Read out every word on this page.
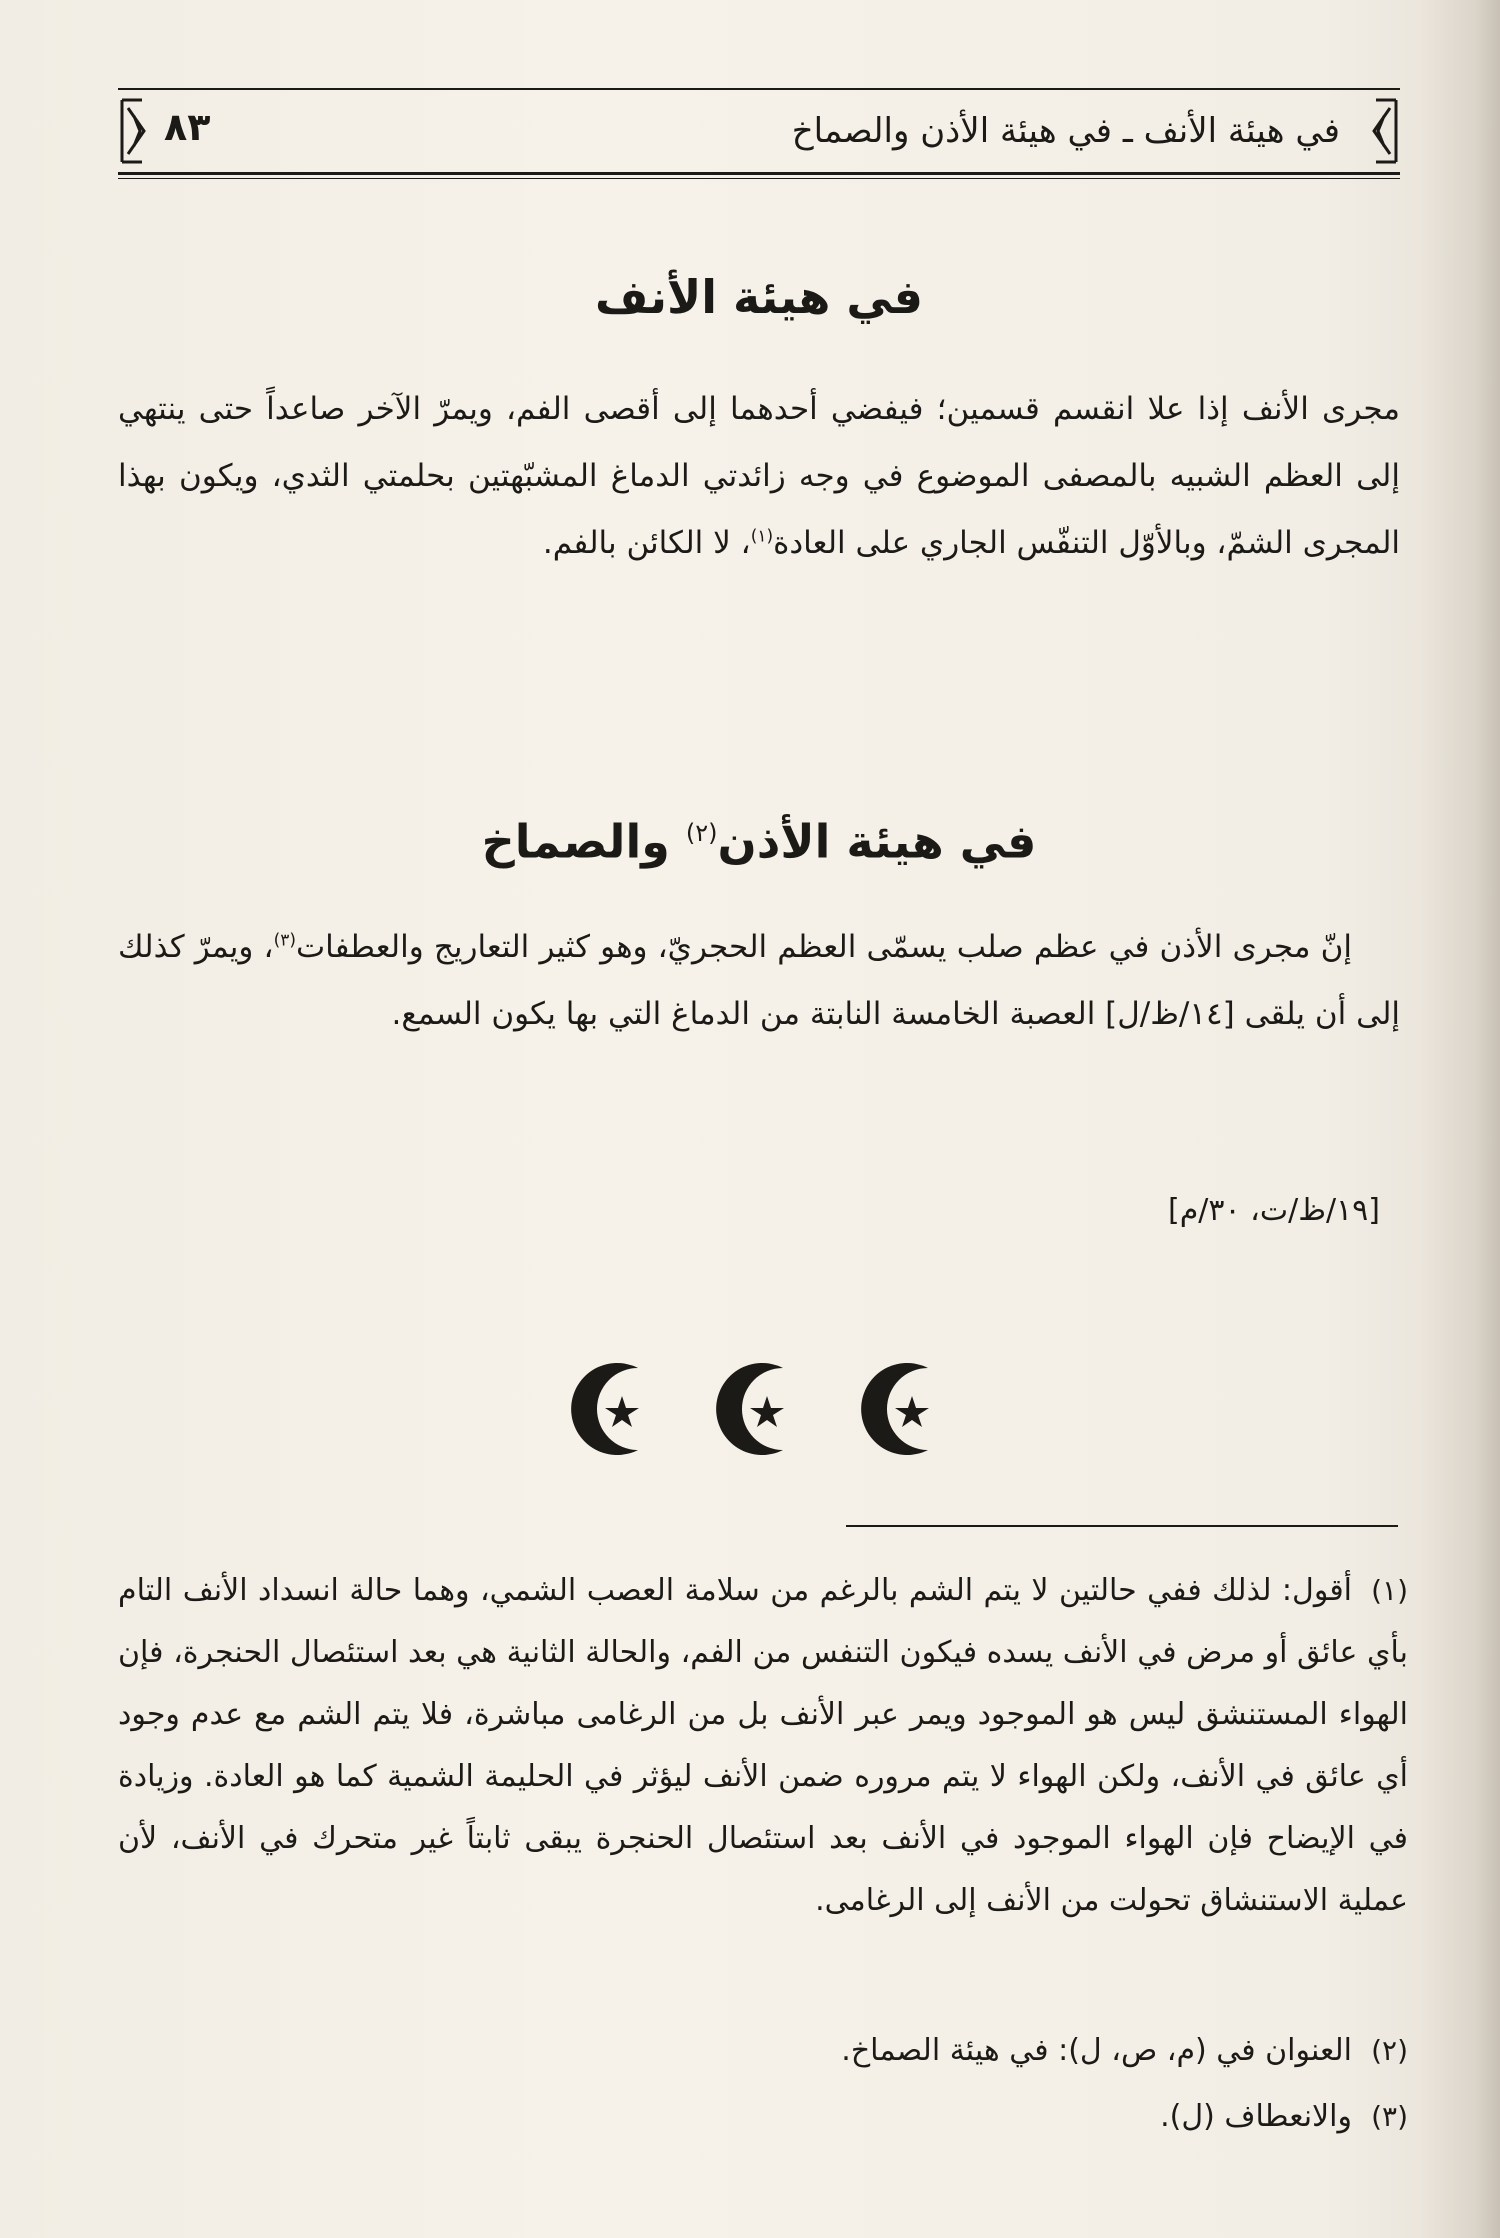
في هيئة الأنف ـ في هيئة الأذن والصماخ
٨٣
في هيئة الأنف
مجرى الأنف إذا علا انقسم قسمين؛ فيفضي أحدهما إلى أقصى الفم، ويمرّ الآخر صاعداً حتى ينتهي إلى العظم الشبيه بالمصفى الموضوع في وجه زائدتي الدماغ المشبّهتين بحلمتي الثدي، ويكون بهذا المجرى الشمّ، وبالأوّل التنفّس الجاري على العادة$^{(١)}$، لا الكائن بالفم.
في هيئة الأذن$^{(٢)}$ والصماخ
إنّ مجرى الأذن في عظم صلب يسمّى العظم الحجريّ، وهو كثير التعاريج والعطفات$^{(٣)}$، ويمرّ كذلك إلى أن يلقى [١٤/ظ/ل] العصبة الخامسة النابتة من الدماغ التي بها يكون السمع.
[١٩/ظ/ت، ٣٠/م]
(١)أقول: لذلك ففي حالتين لا يتم الشم بالرغم من سلامة العصب الشمي، وهما حالة انسداد الأنف التام بأي عائق أو مرض في الأنف يسده فيكون التنفس من الفم، والحالة الثانية هي بعد استئصال الحنجرة، فإن الهواء المستنشق ليس هو الموجود ويمر عبر الأنف بل من الرغامى مباشرة، فلا يتم الشم مع عدم وجود أي عائق في الأنف، ولكن الهواء لا يتم مروره ضمن الأنف ليؤثر في الحليمة الشمية كما هو العادة. وزيادة في الإيضاح فإن الهواء الموجود في الأنف بعد استئصال الحنجرة يبقى ثابتاً غير متحرك في الأنف، لأن عملية الاستنشاق تحولت من الأنف إلى الرغامى.
(٢)العنوان في (م، ص، ل): في هيئة الصماخ.
(٣)والانعطاف (ل).
